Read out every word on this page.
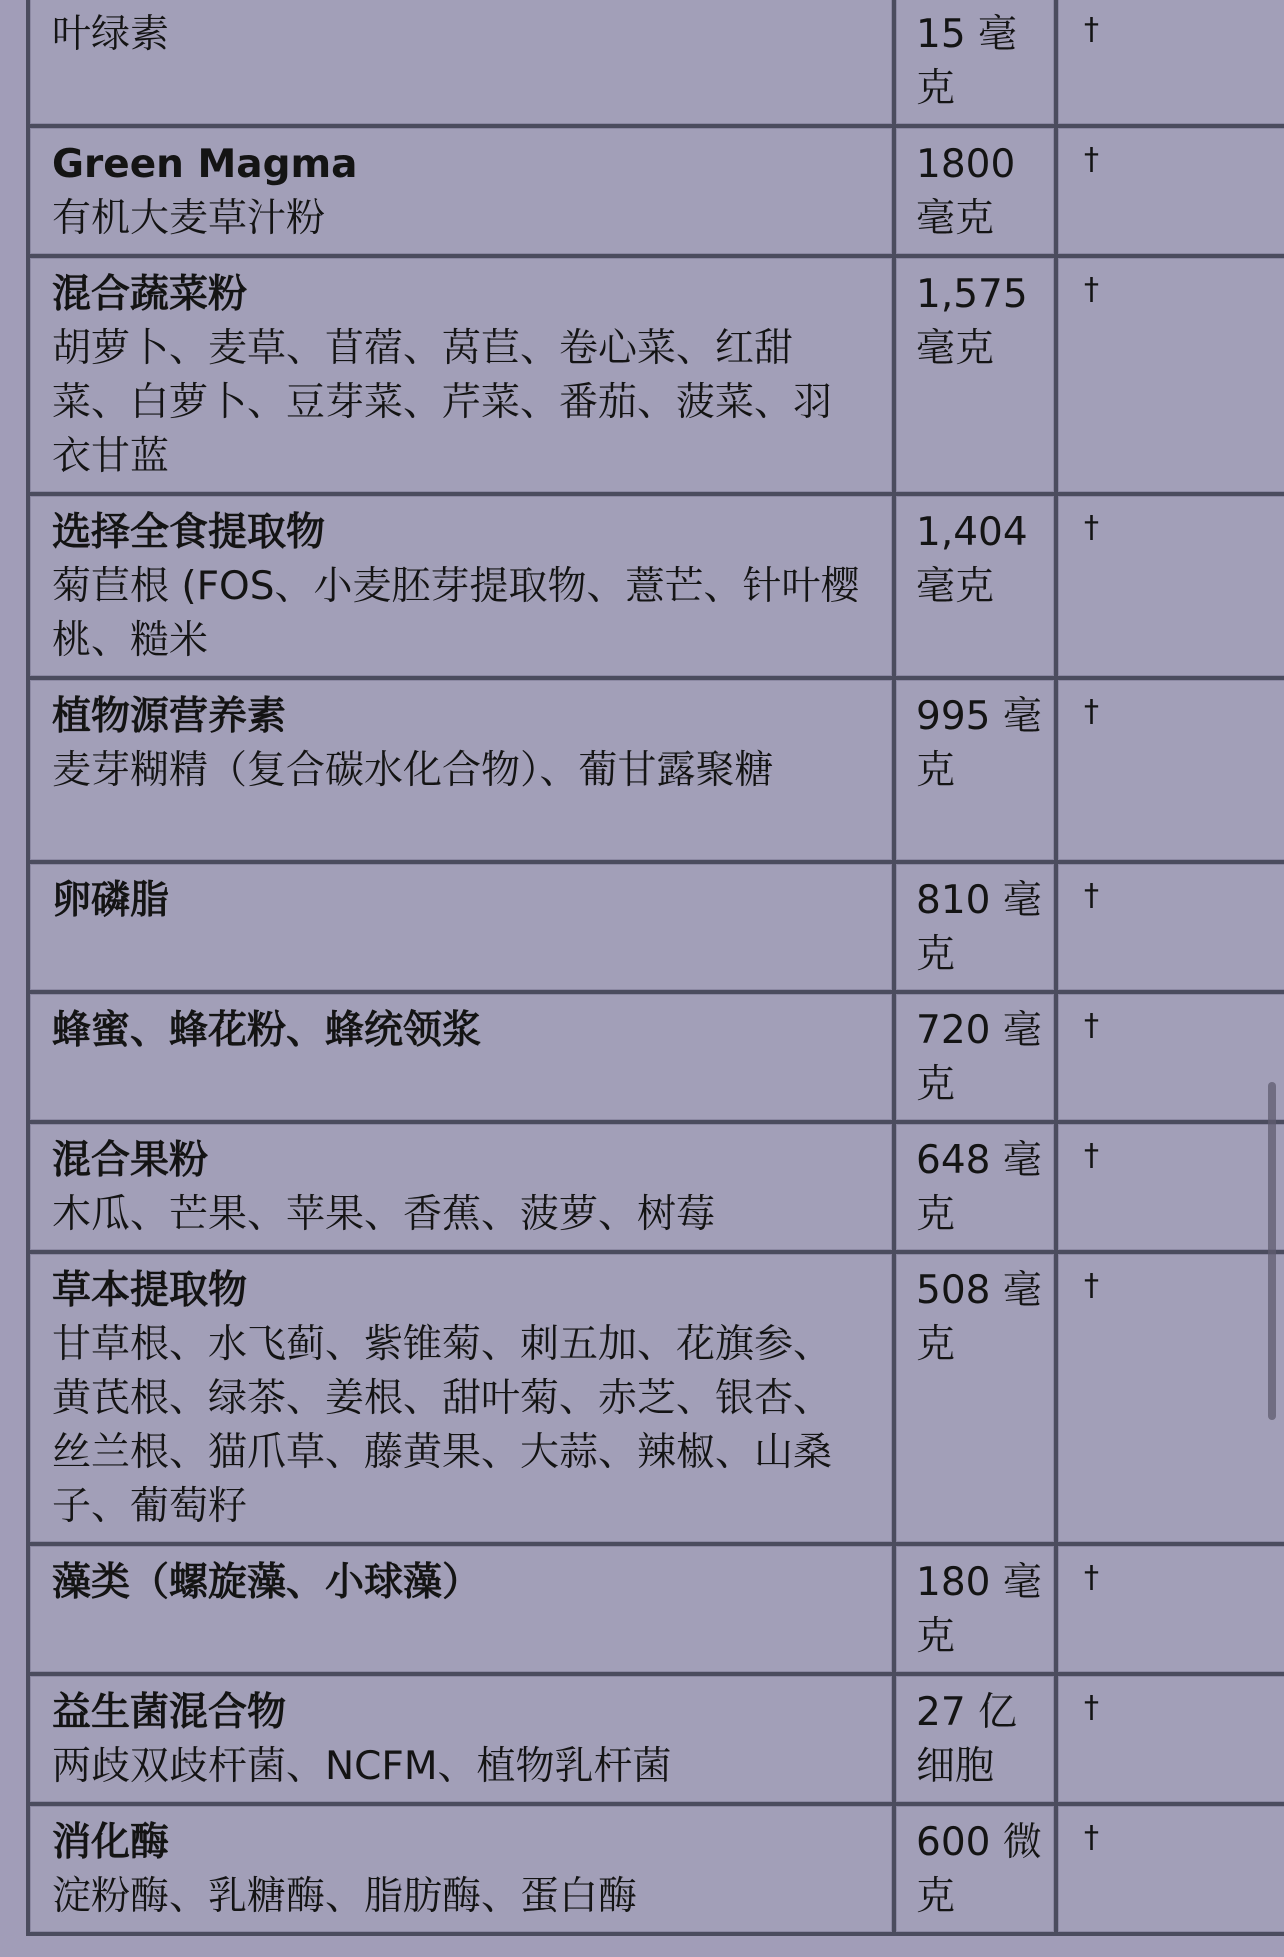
叶绿素	15 毫克	†

Green Magma
有机大麦草汁粉	1800 毫克	†

混合蔬菜粉
胡萝卜、麦草、苜蓿、莴苣、卷心菜、红甜菜、白萝卜、豆芽菜、芹菜、番茄、菠菜、羽衣甘蓝	1,575 毫克	†

选择全食提取物
菊苣根 (FOS、小麦胚芽提取物、薏芒、针叶樱桃、糙米	1,404 毫克	†

植物源营养素
麦芽糊精（复合碳水化合物）、葡甘露聚糖	995 毫克	†

卵磷脂	810 毫克	†

蜂蜜、蜂花粉、蜂统领浆	720 毫克	†

混合果粉
木瓜、芒果、苹果、香蕉、菠萝、树莓	648 毫克	†

草本提取物
甘草根、水飞蓟、紫锥菊、刺五加、花旗参、黄芪根、绿茶、姜根、甜叶菊、赤芝、银杏、丝兰根、猫爪草、藤黄果、大蒜、辣椒、山桑子、葡萄籽	508 毫克	†

藻类（螺旋藻、小球藻）	180 毫克	†

益生菌混合物
两歧双歧杆菌、NCFM、植物乳杆菌	27 亿细胞	†

消化酶
淀粉酶、乳糖酶、脂肪酶、蛋白酶	600 微克	†
